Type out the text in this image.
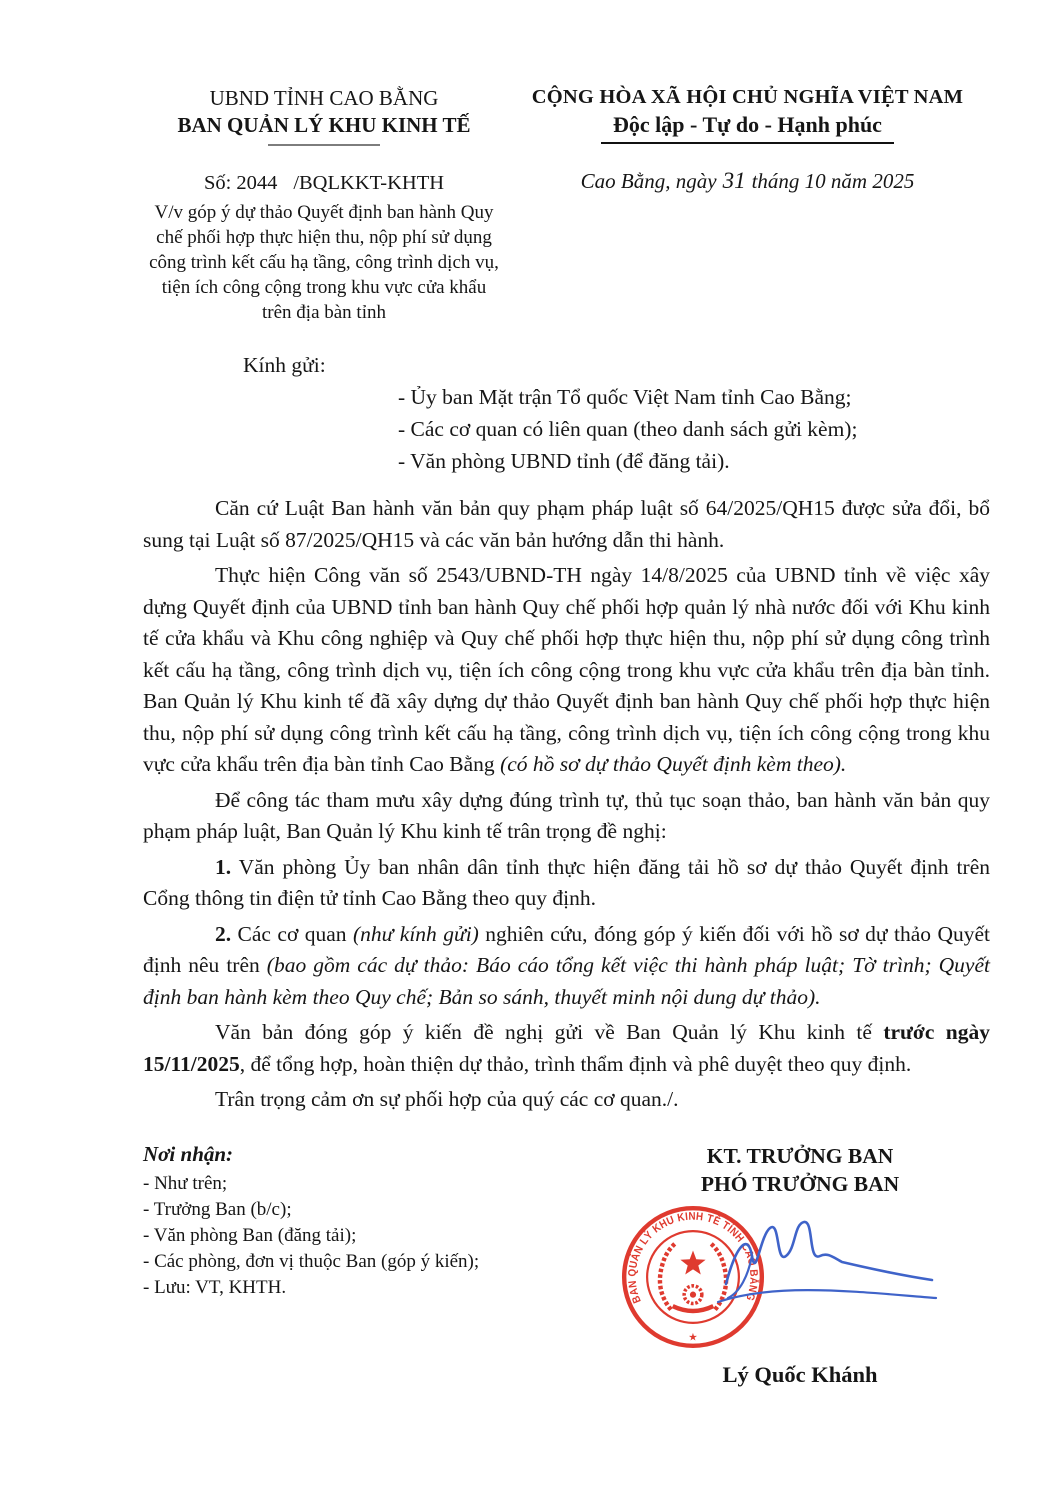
UBND TỈNH CAO BẰNG
BAN QUẢN LÝ KHU KINH TẾ
Số: 2044 /BQLKKT-KHTH
V/v góp ý dự thảo Quyết định ban hành Quy chế phối hợp thực hiện thu, nộp phí sử dụng công trình kết cấu hạ tầng, công trình dịch vụ, tiện ích công cộng trong khu vực cửa khẩu trên địa bàn tỉnh
CỘNG HÒA XÃ HỘI CHỦ NGHĨA VIỆT NAM
Độc lập - Tự do - Hạnh phúc
Cao Bằng, ngày 31 tháng 10 năm 2025
Kính gửi:
- Ủy ban Mặt trận Tổ quốc Việt Nam tỉnh Cao Bằng;
- Các cơ quan có liên quan (theo danh sách gửi kèm);
- Văn phòng UBND tỉnh (để đăng tải).

Căn cứ Luật Ban hành văn bản quy phạm pháp luật số 64/2025/QH15 được sửa đổi, bổ sung tại Luật số 87/2025/QH15 và các văn bản hướng dẫn thi hành.

Thực hiện Công văn số 2543/UBND-TH ngày 14/8/2025 của UBND tỉnh về việc xây dựng Quyết định của UBND tỉnh ban hành Quy chế phối hợp quản lý nhà nước đối với Khu kinh tế cửa khẩu và Khu công nghiệp và Quy chế phối hợp thực hiện thu, nộp phí sử dụng công trình kết cấu hạ tầng, công trình dịch vụ, tiện ích công cộng trong khu vực cửa khẩu trên địa bàn tỉnh. Ban Quản lý Khu kinh tế đã xây dựng dự thảo Quyết định ban hành Quy chế phối hợp thực hiện thu, nộp phí sử dụng công trình kết cấu hạ tầng, công trình dịch vụ, tiện ích công cộng trong khu vực cửa khẩu trên địa bàn tỉnh Cao Bằng (có hồ sơ dự thảo Quyết định kèm theo).

Để công tác tham mưu xây dựng đúng trình tự, thủ tục soạn thảo, ban hành văn bản quy phạm pháp luật, Ban Quản lý Khu kinh tế trân trọng đề nghị:

1. Văn phòng Ủy ban nhân dân tỉnh thực hiện đăng tải hồ sơ dự thảo Quyết định trên Cổng thông tin điện tử tỉnh Cao Bằng theo quy định.

2. Các cơ quan (như kính gửi) nghiên cứu, đóng góp ý kiến đối với hồ sơ dự thảo Quyết định nêu trên (bao gồm các dự thảo: Báo cáo tổng kết việc thi hành pháp luật; Tờ trình; Quyết định ban hành kèm theo Quy chế; Bản so sánh, thuyết minh nội dung dự thảo).

Văn bản đóng góp ý kiến đề nghị gửi về Ban Quản lý Khu kinh tế trước ngày 15/11/2025, để tổng hợp, hoàn thiện dự thảo, trình thẩm định và phê duyệt theo quy định.

Trân trọng cảm ơn sự phối hợp của quý các cơ quan./.

Nơi nhận:
- Như trên;
- Trưởng Ban (b/c);
- Văn phòng Ban (đăng tải);
- Các phòng, đơn vị thuộc Ban (góp ý kiến);
- Lưu: VT, KHTH.
KT. TRƯỞNG BAN
PHÓ TRƯỞNG BAN
BAN QUẢN LÝ KHU KINH TẾ TỈNH CAO BẰNG
★
Lý Quốc Khánh
